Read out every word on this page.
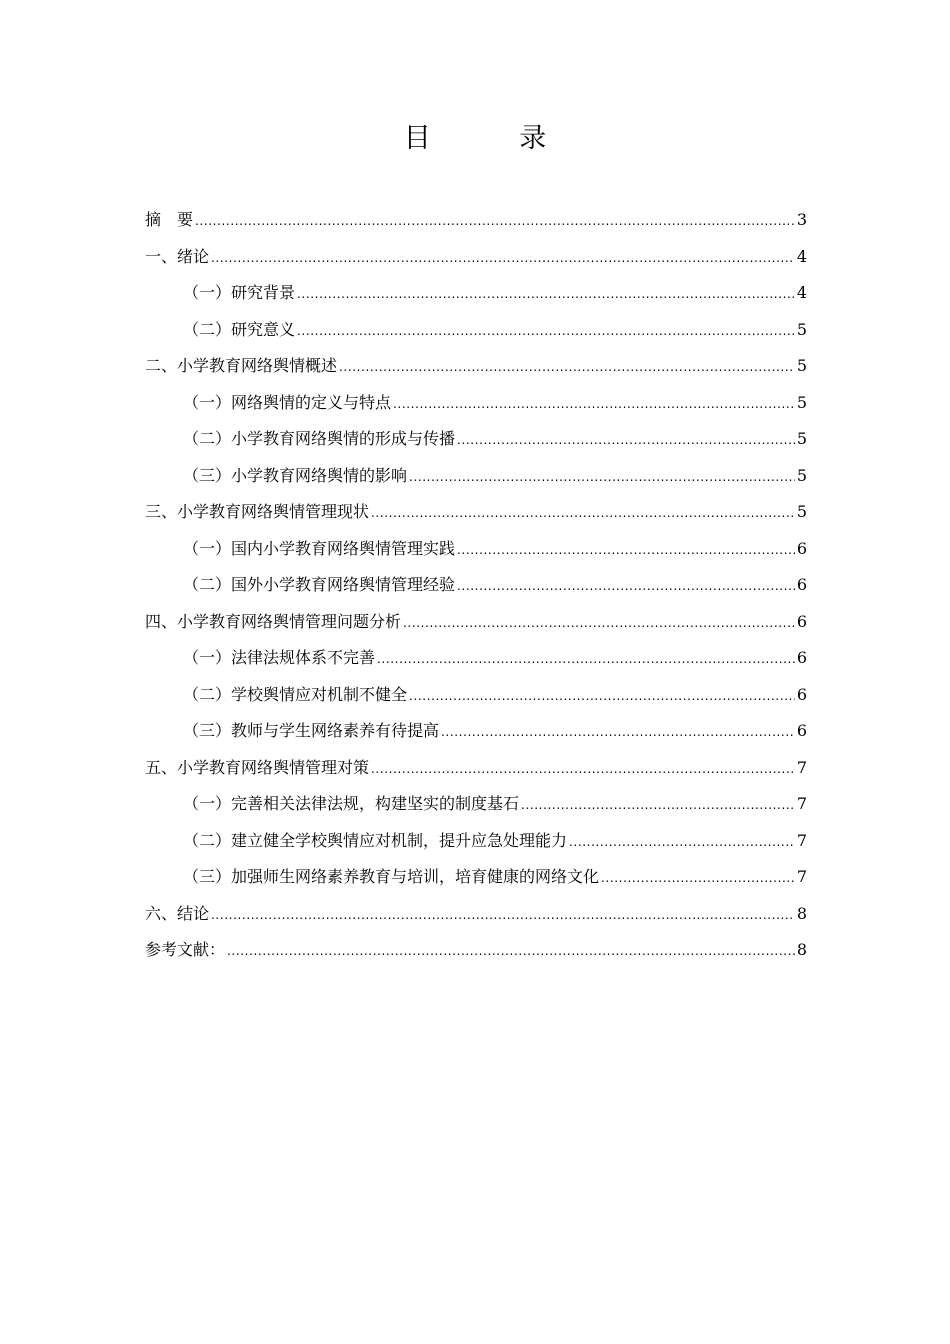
目 录
摘　要 .....	3
一、绪论 .....	4
（一）研究背景 .....	4
（二）研究意义 .....	5
二、小学教育网络舆情概述 .....	5
（一）网络舆情的定义与特点 .....	5
（二）小学教育网络舆情的形成与传播 .....	5
（三）小学教育网络舆情的影响 .....	5
三、小学教育网络舆情管理现状 .....	5
（一）国内小学教育网络舆情管理实践 .....	6
（二）国外小学教育网络舆情管理经验 .....	6
四、小学教育网络舆情管理问题分析 .....	6
（一）法律法规体系不完善 .....	6
（二）学校舆情应对机制不健全 .....	6
（三）教师与学生网络素养有待提高 .....	6
五、小学教育网络舆情管理对策 .....	7
（一）完善相关法律法规，构建坚实的制度基石 .....	7
（二）建立健全学校舆情应对机制，提升应急处理能力 .....	7
（三）加强师生网络素养教育与培训，培育健康的网络文化 .....	7
六、结论 .....	8
参考文献： .....	8
